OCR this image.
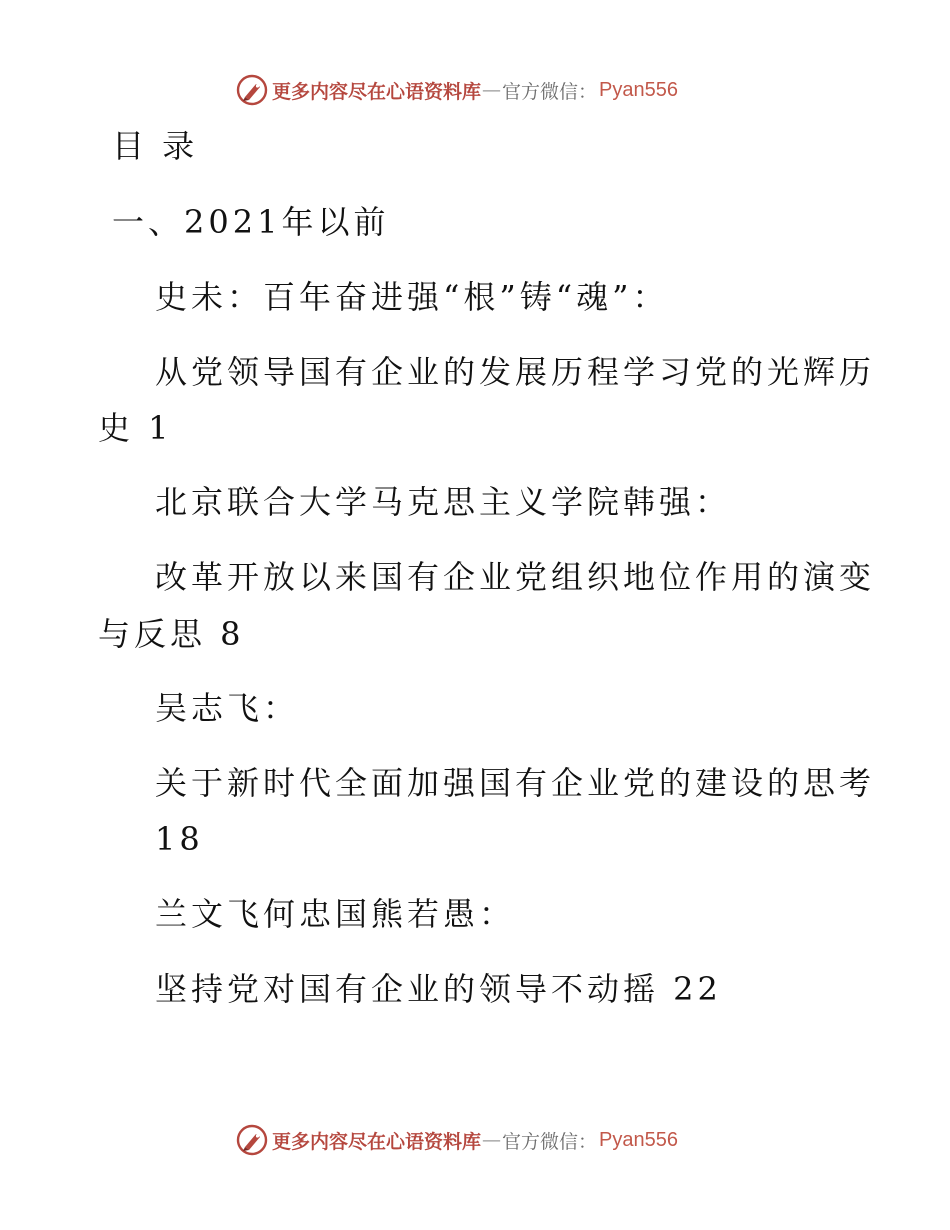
更多内容尽在心语资料库 — 官方微信： Pyan556
目 录
一、2021年以前
史未：百年奋进强“根”铸“魂”：
从党领导国有企业的发展历程学习党的光辉历
史 1
北京联合大学马克思主义学院韩强：
改革开放以来国有企业党组织地位作用的演变
与反思 8
吴志飞：
关于新时代全面加强国有企业党的建设的思考
18
兰文飞何忠国熊若愚：
坚持党对国有企业的领导不动摇 22
更多内容尽在心语资料库 — 官方微信： Pyan556
